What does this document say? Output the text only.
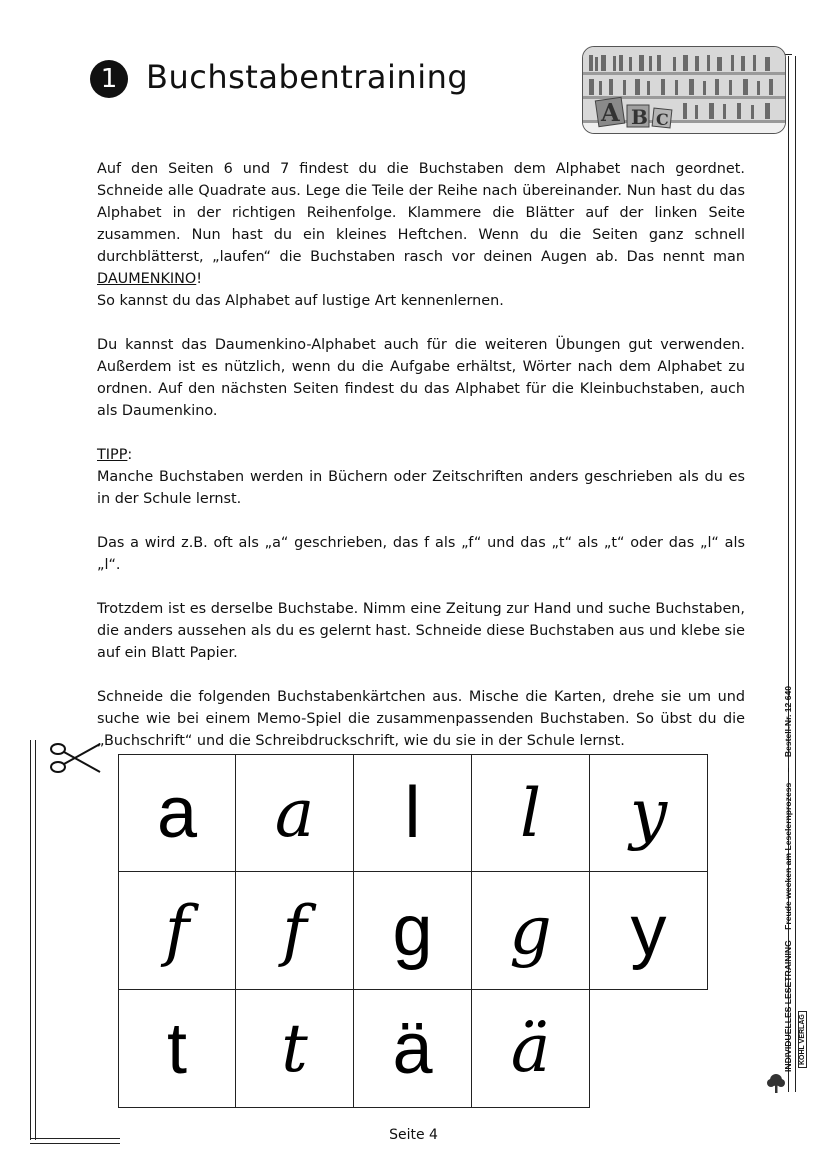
1 Buchstabentraining
A B C

Auf den Seiten 6 und 7 findest du die Buchstaben dem Alphabet nach geordnet. Schneide alle Quadrate aus. Lege die Teile der Reihe nach übereinander. Nun hast du das Alphabet in der richtigen Reihenfolge. Klammere die Blätter auf der linken Seite zusammen. Nun hast du ein kleines Heftchen. Wenn du die Seiten ganz schnell durchblätterst, „laufen“ die Buchstaben rasch vor deinen Augen ab. Das nennt man DAUMENKINO!

So kannst du das Alphabet auf lustige Art kennenlernen.

Du kannst das Daumenkino-Alphabet auch für die weiteren Übungen gut verwenden. Außerdem ist es nützlich, wenn du die Aufgabe erhältst, Wörter nach dem Alphabet zu ordnen. Auf den nächsten Seiten findest du das Alphabet für die Kleinbuchstaben, auch als Daumenkino.

TIPP:

Manche Buchstaben werden in Büchern oder Zeitschriften anders geschrieben als du es in der Schule lernst.

Das a wird z.B. oft als „a“ geschrieben, das f als „f“ und das „t“ als „t“ oder das „l“ als „l“.

Trotzdem ist es derselbe Buchstabe. Nimm eine Zeitung zur Hand und suche Buchstaben, die anders aussehen als du es gelernt hast. Schneide diese Buchstaben aus und klebe sie auf ein Blatt Papier.

Schneide die folgenden Buchstabenkärtchen aus. Mische die Karten, drehe sie um und suche wie bei einem Memo-Spiel die zusammenpassenden Buchstaben. So übst du die „Buchschrift“ und die Schreibdruckschrift, wie du sie in der Schule lernst.

a	a	l	l	y
f	f	g	g	y
t	t	ä	ä
Seite 4
INDIVIDUELLES LESETRAINING Freude wecken am Leselernprozess – Bestell-Nr. 12 640
KOHL VERLAG
